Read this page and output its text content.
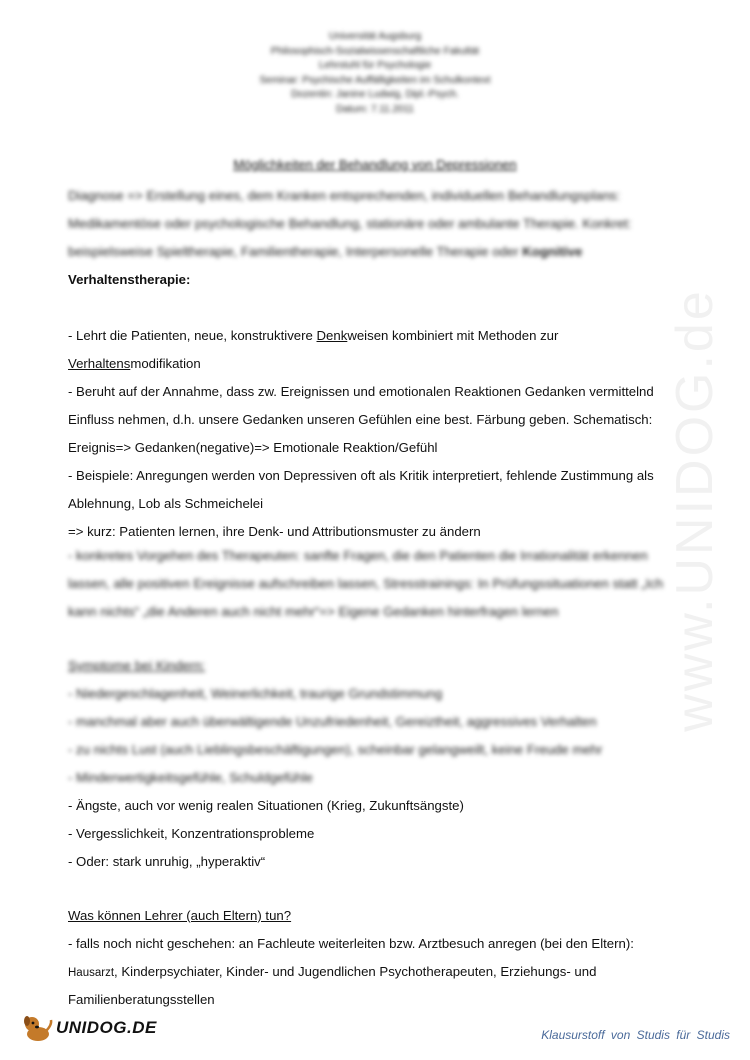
www.UNIDOG.de
Universität Augsburg
Philosophisch-Sozialwissenschaftliche Fakultät
Lehrstuhl für Psychologie
Seminar: Psychische Auffälligkeiten im Schulkontext
Dozentin: Janine Ludwig, Dipl.-Psych.
Datum: 7.11.2011
Möglichkeiten der Behandlung von Depressionen
Diagnose => Erstellung eines, dem Kranken entsprechenden, individuellen Behandlungsplans:
Medikamentöse oder psychologische Behandlung, stationäre oder ambulante Therapie. Konkret:
beispielsweise Spieltherapie, Familientherapie, Interpersonelle Therapie oder Kognitive
Verhaltenstherapie:
- Lehrt die Patienten, neue, konstruktivere Denkweisen kombiniert mit Methoden zur
Verhaltensmodifikation
- Beruht auf der Annahme, dass zw. Ereignissen und emotionalen Reaktionen Gedanken vermittelnd
Einfluss nehmen, d.h. unsere Gedanken unseren Gefühlen eine best. Färbung geben. Schematisch:
Ereignis=> Gedanken(negative)=> Emotionale Reaktion/Gefühl
- Beispiele: Anregungen werden von Depressiven oft als Kritik interpretiert, fehlende Zustimmung als
Ablehnung, Lob als Schmeichelei
=> kurz: Patienten lernen, ihre Denk- und Attributionsmuster zu ändern
- konkretes Vorgehen des Therapeuten: sanfte Fragen, die den Patienten die Irrationalität erkennen
lassen, alle positiven Ereignisse aufschreiben lassen, Stresstrainings: In Prüfungssituationen statt „Ich
kann nichts“ „die Anderen auch nicht mehr“=> Eigene Gedanken hinterfragen lernen
Symptome bei Kindern:
- Niedergeschlagenheit, Weinerlichkeit, traurige Grundstimmung
- manchmal aber auch überwältigende Unzufriedenheit, Gereiztheit, aggressives Verhalten
- zu nichts Lust (auch Lieblingsbeschäftigungen), scheinbar gelangweilt, keine Freude mehr
- Minderwertigkeitsgefühle, Schuldgefühle
- Ängste, auch vor wenig realen Situationen (Krieg, Zukunftsängste)
- Vergesslichkeit, Konzentrationsprobleme
- Oder: stark unruhig, „hyperaktiv“
Was können Lehrer (auch Eltern) tun?
- falls noch nicht geschehen: an Fachleute weiterleiten bzw. Arztbesuch anregen (bei den Eltern):
Hausarzt, Kinderpsychiater, Kinder- und Jugendlichen Psychotherapeuten, Erziehungs- und
Familienberatungsstellen
UNIDOG.DE	Klausurstoff von Studis für Studis
